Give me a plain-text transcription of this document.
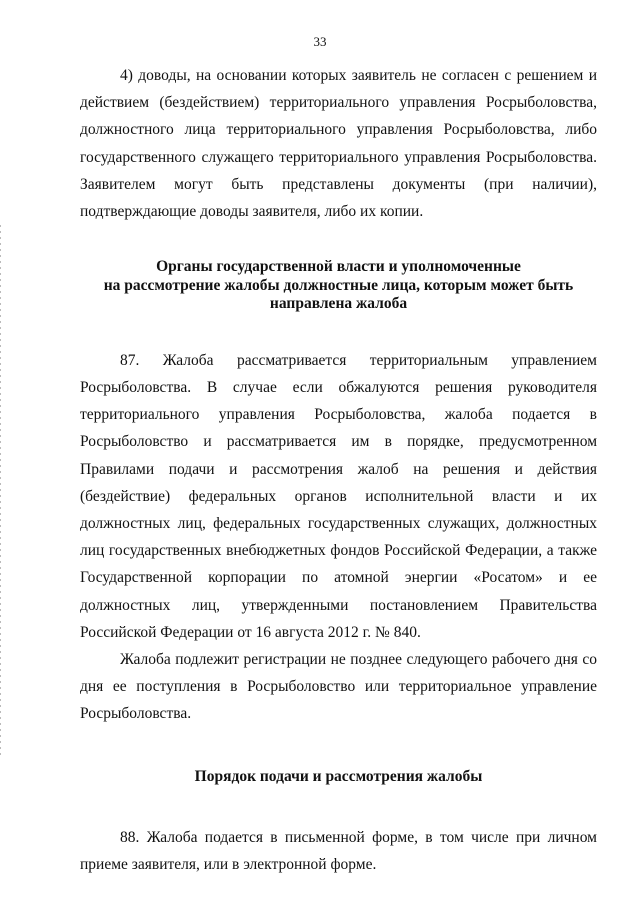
33

4) доводы, на основании которых заявитель не согласен с решением и действием (бездействием) территориального управления Росрыболовства, должностного лица территориального управления Росрыболовства, либо государственного служащего территориального управления Росрыболовства. Заявителем могут быть представлены документы (при наличии), подтверждающие доводы заявителя, либо их копии.

Органы государственной власти и уполномоченные
на рассмотрение жалобы должностные лица, которым может быть
направлена жалоба

87. Жалоба рассматривается территориальным управлением Росрыболовства. В случае если обжалуются решения руководителя территориального управления Росрыболовства, жалоба подается в Росрыболовство и рассматривается им в порядке, предусмотренном Правилами подачи и рассмотрения жалоб на решения и действия (бездействие) федеральных органов исполнительной власти и их должностных лиц, федеральных государственных служащих, должностных лиц государственных внебюджетных фондов Российской Федерации, а также Государственной корпорации по атомной энергии «Росатом» и ее должностных лиц, утвержденными постановлением Правительства Российской Федерации от 16 августа 2012 г. № 840.

Жалоба подлежит регистрации не позднее следующего рабочего дня со дня ее поступления в Росрыболовство или территориальное управление Росрыболовства.

Порядок подачи и рассмотрения жалобы

88. Жалоба подается в письменной форме, в том числе при личном приеме заявителя, или в электронной форме.
